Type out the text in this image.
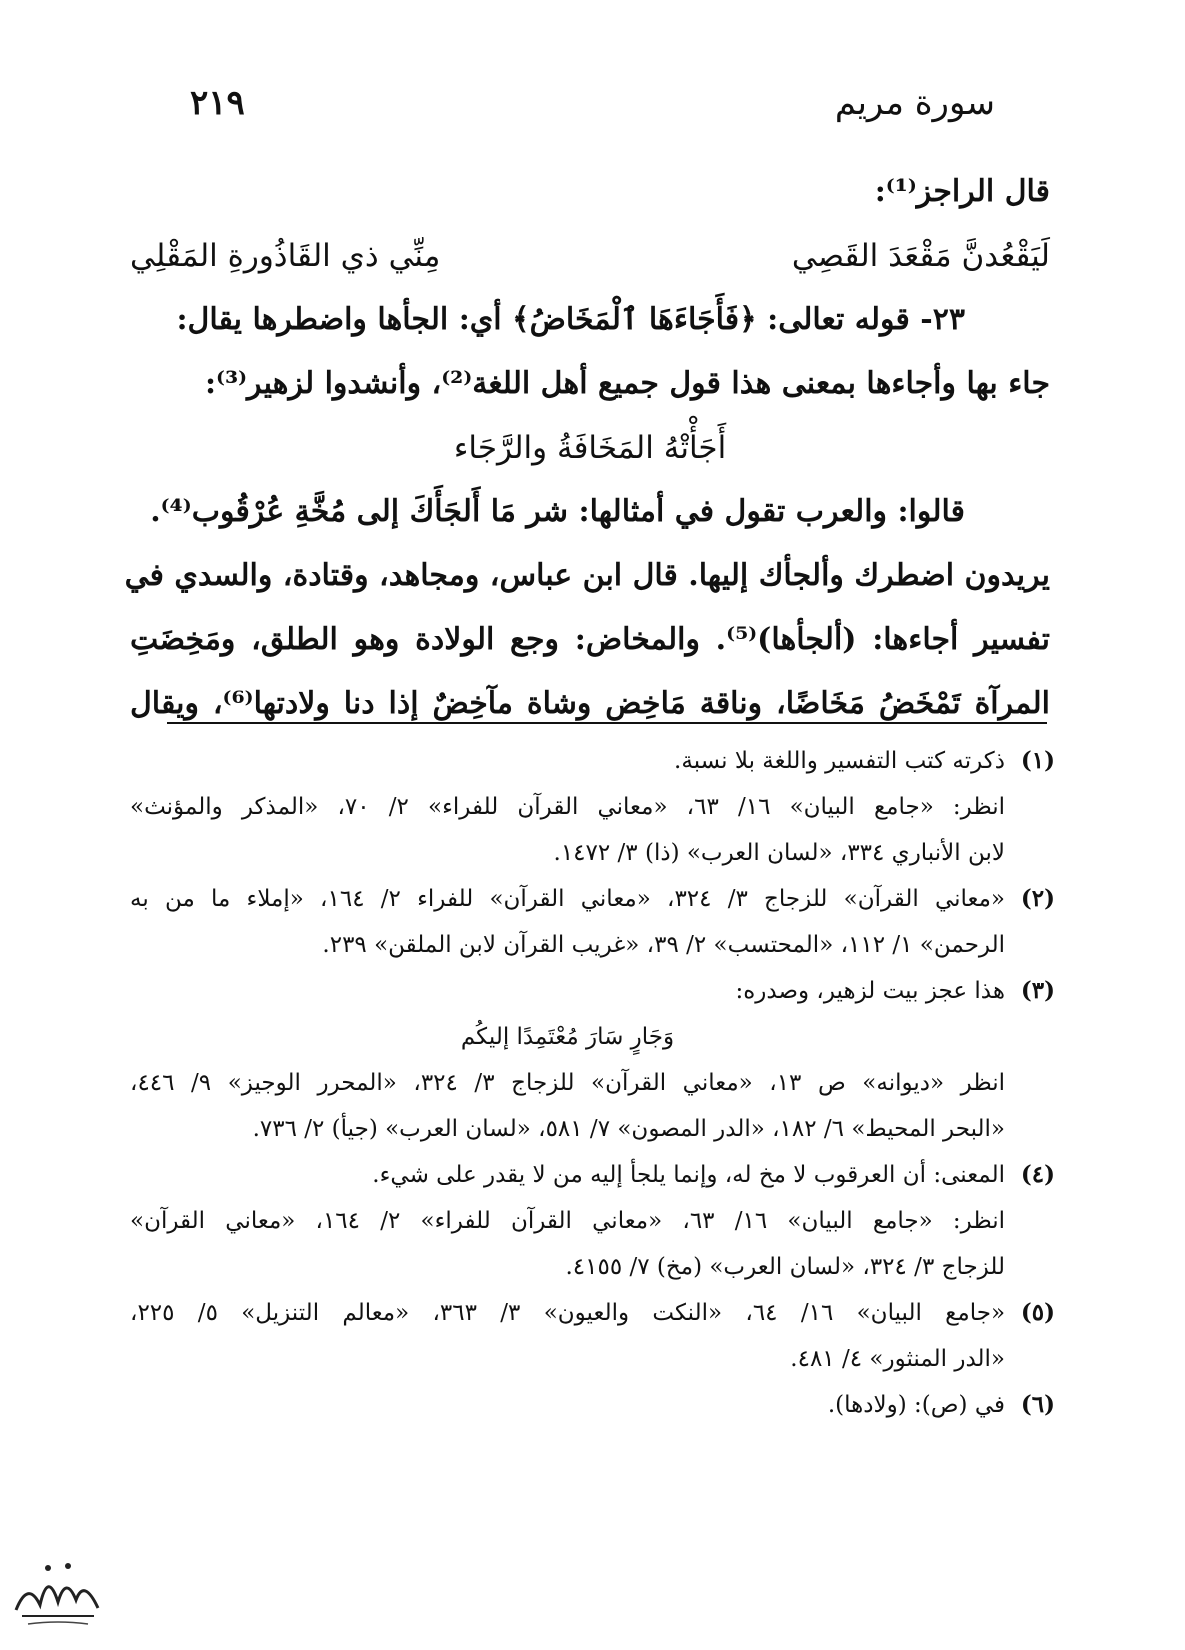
سورة مريم
٢١٩
قال الراجز⁽¹⁾:
لَيَقْعُدنَّ مَقْعَدَ القَصِي
مِنِّي ذي القَاذُورةِ المَقْلِي
٢٣- قوله تعالى: ﴿فَأَجَاءَهَا ٱلْمَخَاضُ﴾ أي: الجأها واضطرها يقال:
جاء بها وأجاءها بمعنى هذا قول جميع أهل اللغة⁽²⁾، وأنشدوا لزهير⁽³⁾:
أَجَأْتْهُ المَخَافَةُ والرَّجَاء
قالوا: والعرب تقول في أمثالها: شر مَا أَلجَأَكَ إلى مُخَّةِ عُرْقُوب⁽⁴⁾.
يريدون اضطرك وألجأك إليها. قال ابن عباس، ومجاهد، وقتادة، والسدي في
تفسير أجاءها: (ألجأها)⁽⁵⁾. والمخاض: وجع الولادة وهو الطلق، ومَخِضَتِ
المرآة تَمْخَضُ مَخَاضًا، وناقة مَاخِض وشاة مآخِضٌ إذا دنا ولادتها⁽⁶⁾، ويقال
(١)
ذكرته كتب التفسير واللغة بلا نسبة.
انظر: «جامع البيان» ١٦/ ٦٣، «معاني القرآن للفراء» ٢/ ٧٠، «المذكر والمؤنث»
لابن الأنباري ٣٣٤، «لسان العرب» (ذا) ٣/ ١٤٧٢.
(٢)
«معاني القرآن» للزجاج ٣/ ٣٢٤، «معاني القرآن» للفراء ٢/ ١٦٤، «إملاء ما من به
الرحمن» ١/ ١١٢، «المحتسب» ٢/ ٣٩، «غريب القرآن لابن الملقن» ٢٣٩.
(٣)
هذا عجز بيت لزهير، وصدره:
وَجَارٍ سَارَ مُعْتَمِدًا إليكُم
انظر «ديوانه» ص ١٣، «معاني القرآن» للزجاج ٣/ ٣٢٤، «المحرر الوجيز» ٩/ ٤٤٦،
«البحر المحيط» ٦/ ١٨٢، «الدر المصون» ٧/ ٥٨١، «لسان العرب» (جيأ) ٢/ ٧٣٦.
(٤)
المعنى: أن العرقوب لا مخ له، وإنما يلجأ إليه من لا يقدر على شيء.
انظر: «جامع البيان» ١٦/ ٦٣، «معاني القرآن للفراء» ٢/ ١٦٤، «معاني القرآن»
للزجاج ٣/ ٣٢٤، «لسان العرب» (مخ) ٧/ ٤١٥٥.
(٥)
«جامع البيان» ١٦/ ٦٤، «النكت والعيون» ٣/ ٣٦٣، «معالم التنزيل» ٥/ ٢٢٥،
«الدر المنثور» ٤/ ٤٨١.
(٦)
في (ص): (ولادها).
